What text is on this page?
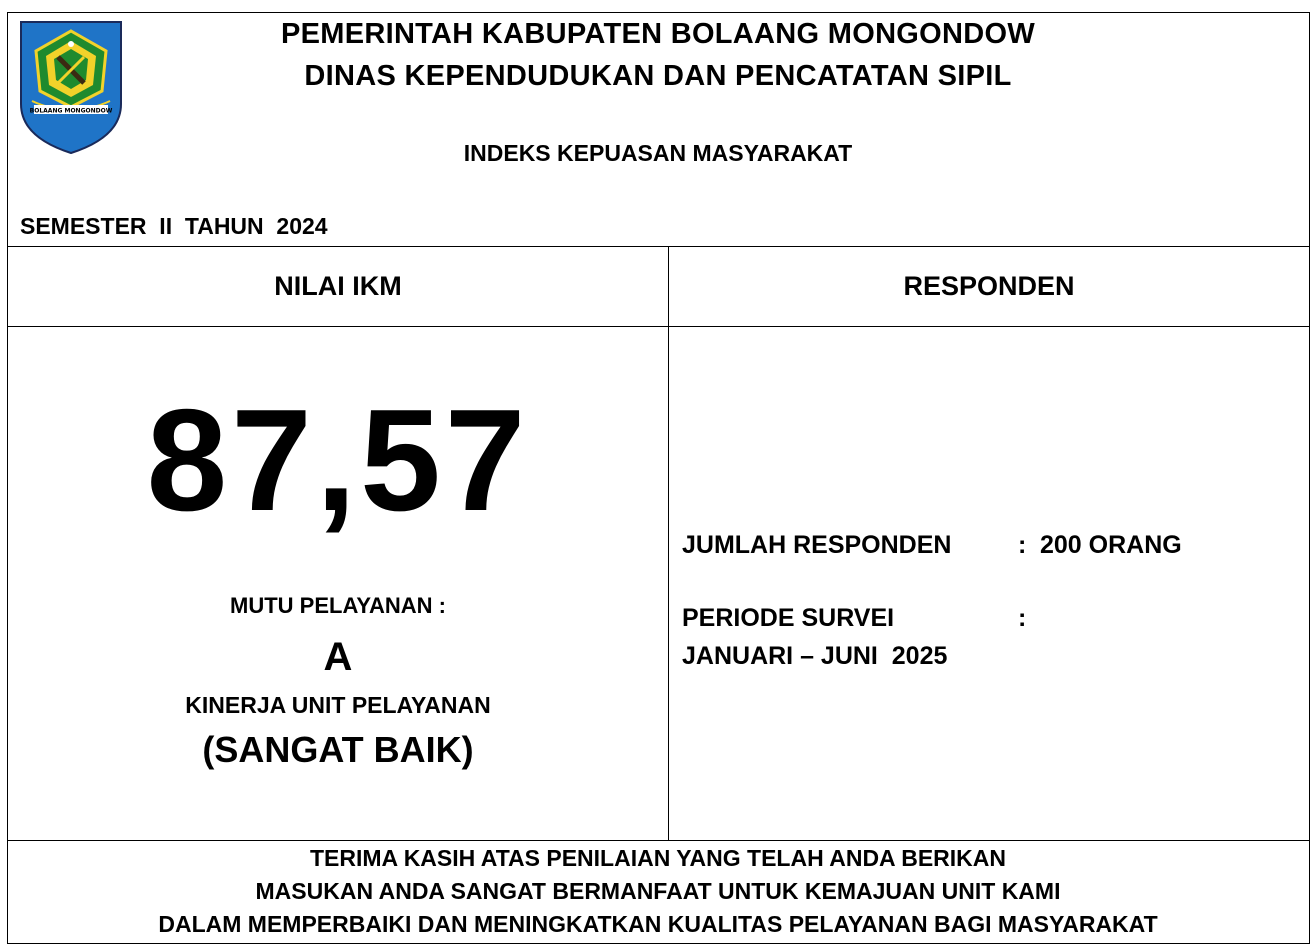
BOLAANG MONGONDOW
PEMERINTAH KABUPATEN BOLAANG MONGONDOW
DINAS KEPENDUDUKAN DAN PENCATATAN SIPIL
INDEKS KEPUASAN MASYARAKAT
SEMESTER  II  TAHUN  2024
NILAI IKM	RESPONDEN
87,57
MUTU PELAYANAN :
A
KINERJA UNIT PELAYANAN
(SANGAT BAIK)
JUMLAH RESPONDEN	: 200 ORANG
PERIODE SURVEI	:
JANUARI – JUNI  2025
TERIMA KASIH ATAS PENILAIAN YANG TELAH ANDA BERIKAN
MASUKAN ANDA SANGAT BERMANFAAT UNTUK KEMAJUAN UNIT KAMI
DALAM MEMPERBAIKI DAN MENINGKATKAN KUALITAS PELAYANAN BAGI MASYARAKAT
